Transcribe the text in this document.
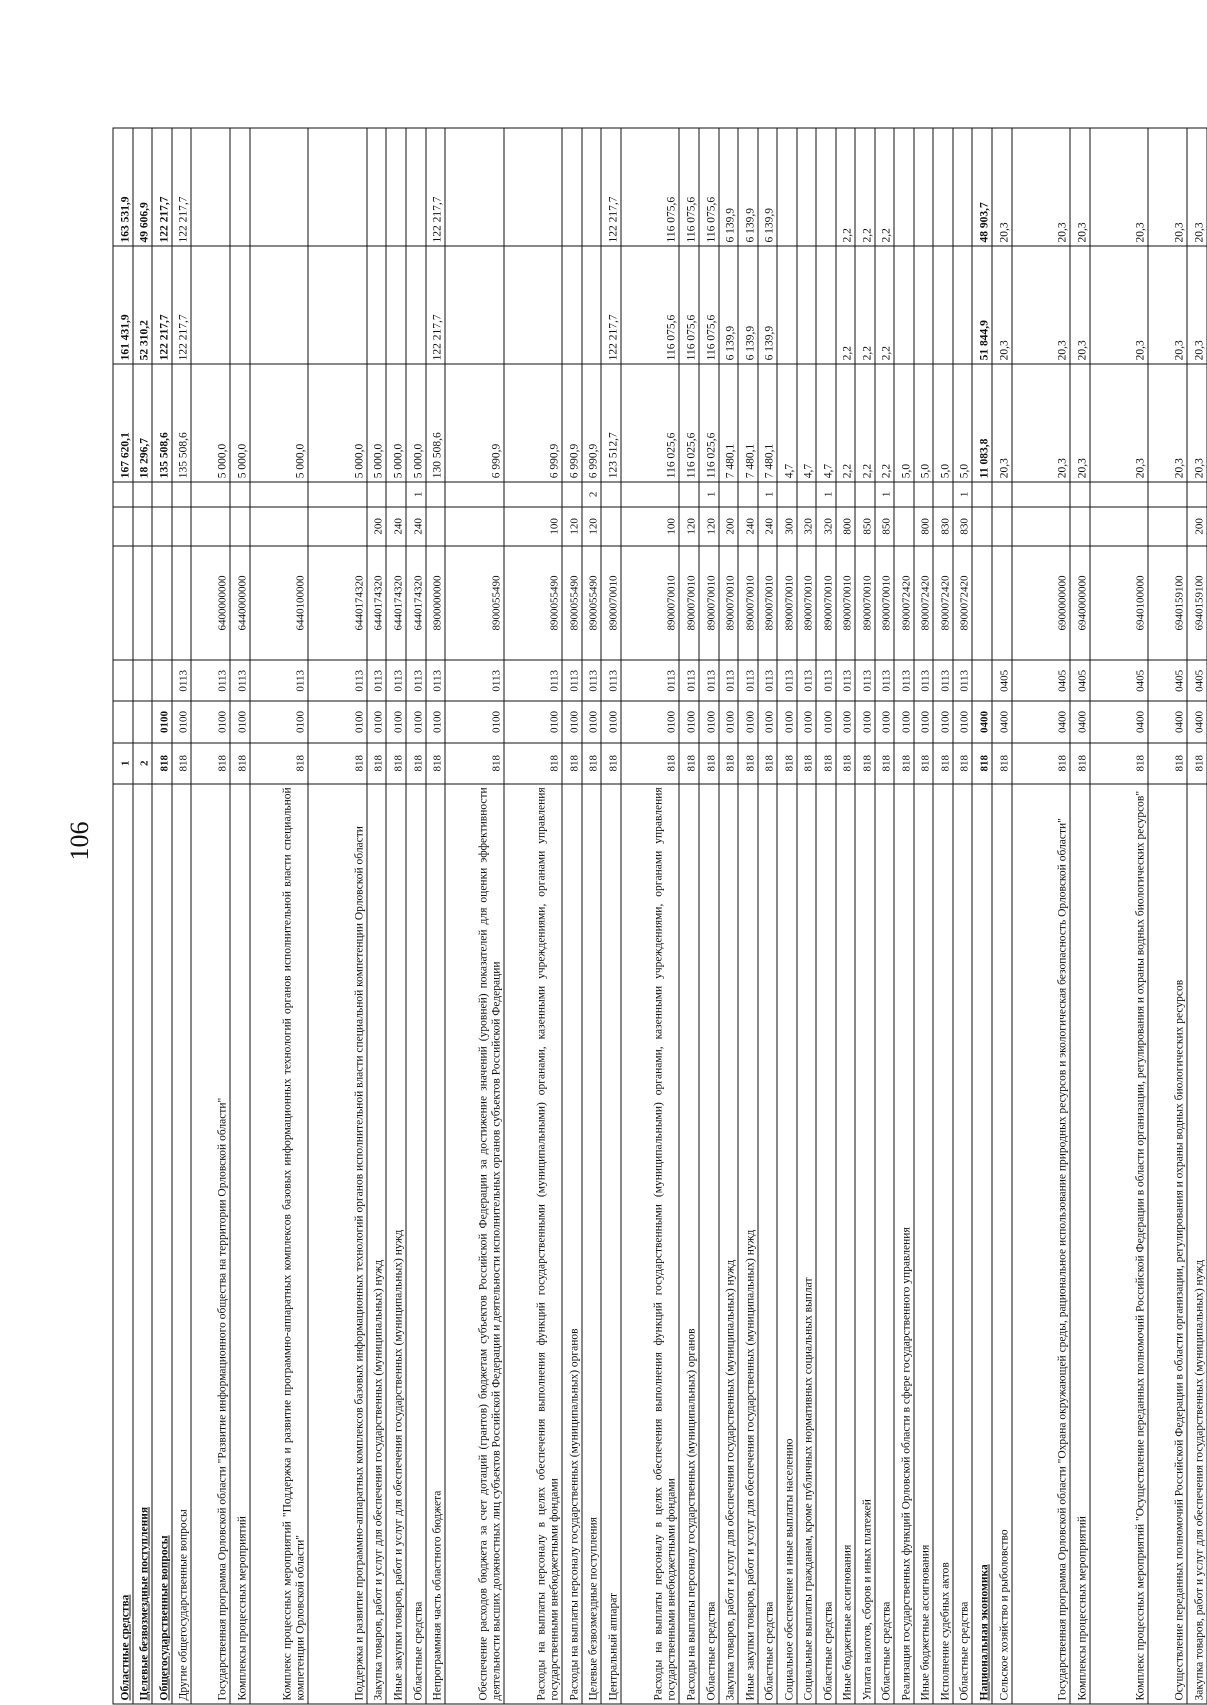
106
Областные средства	1						167 620,1	161 431,9	163 531,9
Целевые безвозмездные поступления	2						18 296,7	52 310,2	49 606,9
Общегосударственные вопросы	818	0100					135 508,6	122 217,7	122 217,7
Другие общегосударственные вопросы	818	0100	0113				135 508,6	122 217,7	122 217,7
Государственная программа Орловской области "Развитие информационного общества на территории Орловской области"	818	0100	0113	6400000000			5 000,0		
Комплексы процессных мероприятий	818	0100	0113	6440000000			5 000,0		
Комплекс процессных мероприятий "Поддержка и развитие программно-аппаратных комплексов базовых информационных технологий органов исполнительной власти специальной компетенции Орловской области"	818	0100	0113	6440100000			5 000,0		
Поддержка и развитие программно-аппаратных комплексов базовых информационных технологий органов исполнительной власти специальной компетенции Орловской области	818	0100	0113	6440174320			5 000,0		
Закупка товаров, работ и услуг для обеспечения государственных (муниципальных) нужд	818	0100	0113	6440174320	200		5 000,0		
Иные закупки товаров, работ и услуг для обеспечения государственных (муниципальных) нужд	818	0100	0113	6440174320	240		5 000,0		
Областные средства	818	0100	0113	6440174320	240	1	5 000,0		
Непрограммная часть областного бюджета	818	0100	0113	8900000000			130 508,6	122 217,7	122 217,7
Обеспечение расходов бюджета за счет дотаций (грантов) бюджетам субъектов Российской Федерации за достижение значений (уровней) показателей для оценки эффективности деятельности высших должностных лиц субъектов Российской Федерации и деятельности исполнительных органов субъектов Российской Федерации	818	0100	0113	8900055490			6 990,9		
Расходы на выплаты персоналу в целях обеспечения выполнения функций государственными (муниципальными) органами, казенными учреждениями, органами управления государственными внебюджетными фондами	818	0100	0113	8900055490	100		6 990,9		
Расходы на выплаты персоналу государственных (муниципальных) органов	818	0100	0113	8900055490	120		6 990,9		
Целевые безвозмездные поступления	818	0100	0113	8900055490	120	2	6 990,9		
Центральный аппарат	818	0100	0113	8900070010			123 512,7	122 217,7	122 217,7
Расходы на выплаты персоналу в целях обеспечения выполнения функций государственными (муниципальными) органами, казенными учреждениями, органами управления государственными внебюджетными фондами	818	0100	0113	8900070010	100		116 025,6	116 075,6	116 075,6
Расходы на выплаты персоналу государственных (муниципальных) органов	818	0100	0113	8900070010	120		116 025,6	116 075,6	116 075,6
Областные средства	818	0100	0113	8900070010	120	1	116 025,6	116 075,6	116 075,6
Закупка товаров, работ и услуг для обеспечения государственных (муниципальных) нужд	818	0100	0113	8900070010	200		7 480,1	6 139,9	6 139,9
Иные закупки товаров, работ и услуг для обеспечения государственных (муниципальных) нужд	818	0100	0113	8900070010	240		7 480,1	6 139,9	6 139,9
Областные средства	818	0100	0113	8900070010	240	1	7 480,1	6 139,9	6 139,9
Социальное обеспечение и иные выплаты населению	818	0100	0113	8900070010	300		4,7		
Социальные выплаты гражданам, кроме публичных нормативных социальных выплат	818	0100	0113	8900070010	320		4,7		
Областные средства	818	0100	0113	8900070010	320	1	4,7		
Иные бюджетные ассигнования	818	0100	0113	8900070010	800		2,2	2,2	2,2
Уплата налогов, сборов и иных платежей	818	0100	0113	8900070010	850		2,2	2,2	2,2
Областные средства	818	0100	0113	8900070010	850	1	2,2	2,2	2,2
Реализация государственных функций Орловской области в сфере государственного управления	818	0100	0113	8900072420			5,0		
Иные бюджетные ассигнования	818	0100	0113	8900072420	800		5,0		
Исполнение судебных актов	818	0100	0113	8900072420	830		5,0		
Областные средства	818	0100	0113	8900072420	830	1	5,0		
Национальная экономика	818	0400					11 083,8	51 844,9	48 903,7
Сельское хозяйство и рыболовство	818	0400	0405				20,3	20,3	20,3
Государственная программа Орловской области "Охрана окружающей среды, рациональное использование природных ресурсов и экологическая безопасность Орловской области"	818	0400	0405	6900000000			20,3	20,3	20,3
Комплексы процессных мероприятий	818	0400	0405	6940000000			20,3	20,3	20,3
Комплекс процессных мероприятий "Осуществление переданных полномочий Российской Федерации в области организации, регулирования и охраны водных биологических ресурсов"	818	0400	0405	6940100000			20,3	20,3	20,3
Осуществление переданных полномочий Российской Федерации в области организации, регулирования и охраны водных биологических ресурсов	818	0400	0405	6940159100			20,3	20,3	20,3
Закупка товаров, работ и услуг для обеспечения государственных (муниципальных) нужд	818	0400	0405	6940159100	200		20,3	20,3	20,3
